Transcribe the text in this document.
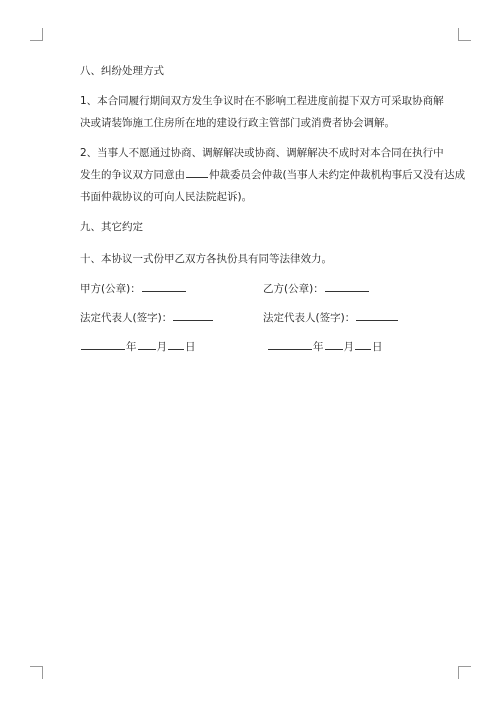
八、纠纷处理方式

1、本合同履行期间双方发生争议时在不影响工程进度前提下双方可采取协商解

决或请装饰施工住房所在地的建设行政主管部门或消费者协会调解。

2、当事人不愿通过协商、调解解决或协商、调解解决不成时对本合同在执行中

发生的争议双方同意由 仲裁委员会仲裁(当事人未约定仲裁机构事后又没有达成

书面仲裁协议的可向人民法院起诉)。

九、其它约定

十、本协议一式份甲乙双方各执份具有同等法律效力。

甲方(公章)：	乙方(公章)：
法定代表人(签字)：	法定代表人(签字)：
年 月 日	年 月 日
